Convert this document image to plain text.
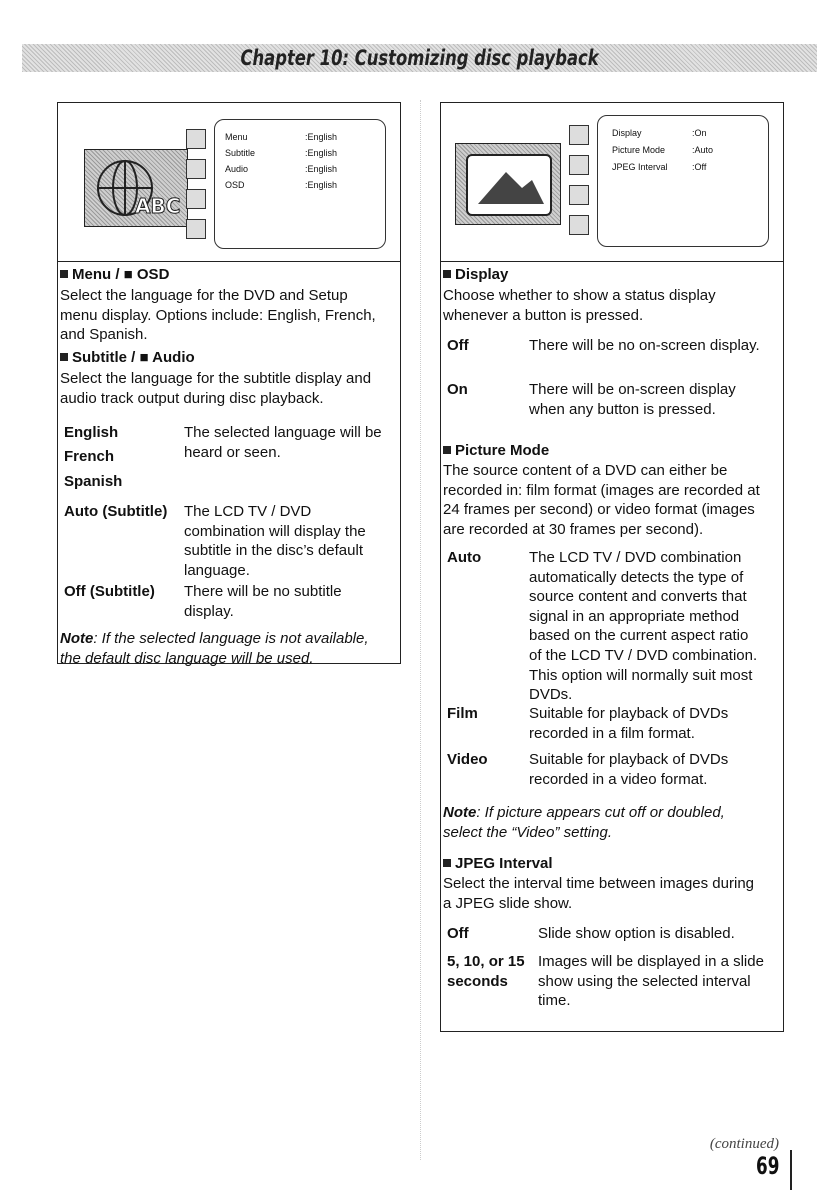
Chapter 10: Customizing disc playback
ABC
Menu	:English
Subtitle	:English
Audio	:English
OSD	:English
Menu / ■ OSD
Select the language for the DVD and Setup
menu display. Options include: English, French,
and Spanish.
Subtitle / ■ Audio
Select the language for the subtitle display and
audio track output during disc playback.
English
French
Spanish
The selected language will be
heard or seen.
Auto (Subtitle) The LCD TV / DVD
combination will display the
subtitle in the disc’s default
language.
Off (Subtitle) There will be no subtitle
display.
Note: If the selected language is not available,
the default disc language will be used.
Display	:On
Picture Mode	:Auto
JPEG Interval	:Off
Display
Choose whether to show a status display
whenever a button is pressed.
Off	There will be no on-screen display.
On	There will be on-screen display
when any button is pressed.
Picture Mode
The source content of a DVD can either be
recorded in: film format (images are recorded at
24 frames per second) or video format (images
are recorded at 30 frames per second).
Auto	The LCD TV / DVD combination
automatically detects the type of
source content and converts that
signal in an appropriate method
based on the current aspect ratio
of the LCD TV / DVD combination.
This option will normally suit most
DVDs.
Film	Suitable for playback of DVDs
recorded in a film format.
Video	Suitable for playback of DVDs
recorded in a video format.
Note: If picture appears cut off or doubled,
select the “Video” setting.
JPEG Interval
Select the interval time between images during
a JPEG slide show.
Off	Slide show option is disabled.
5, 10, or 15
seconds
Images will be displayed in a slide
show using the selected interval
time.
(continued)
69
